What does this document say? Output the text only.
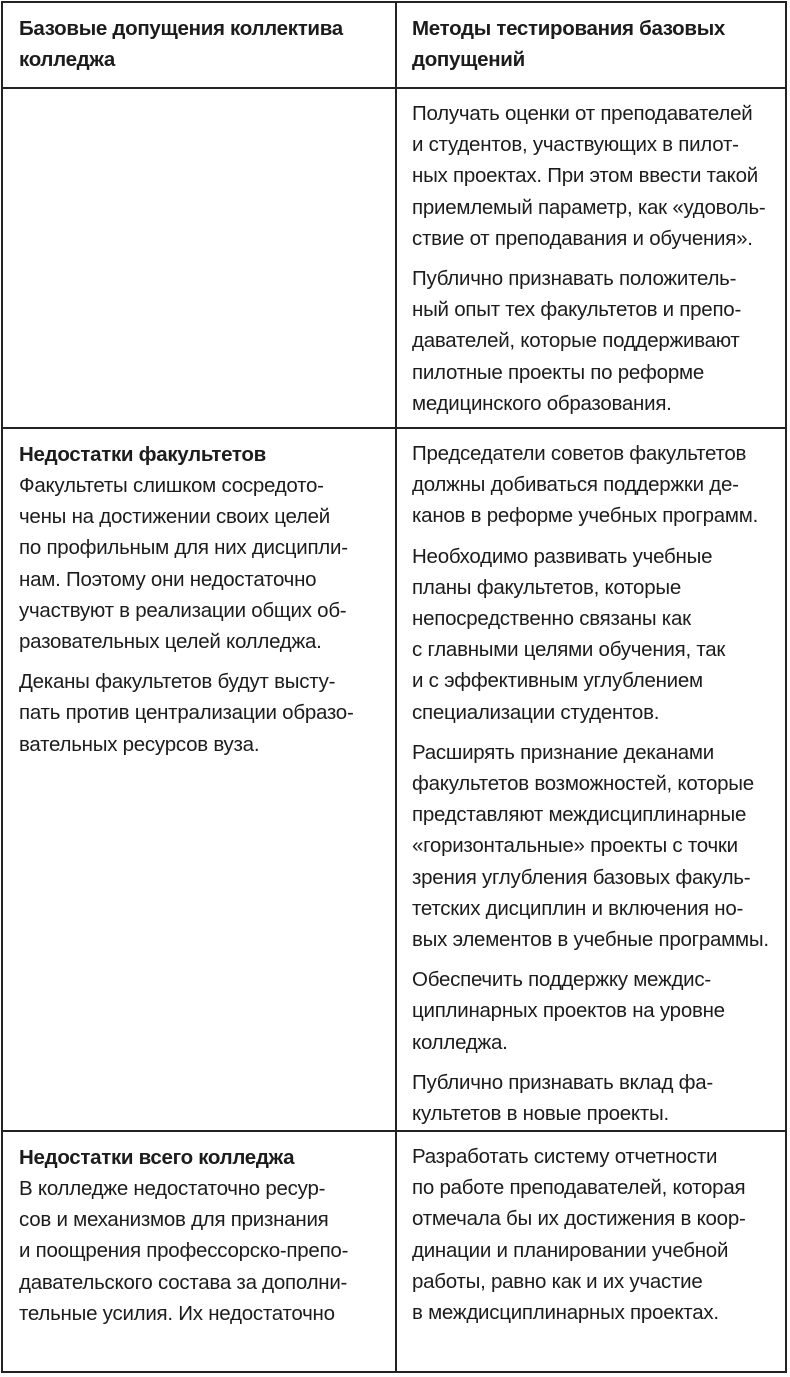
Базовые допущения коллектива
колледжа
Методы тестирования базовых
допущений

Получать оценки от преподавателей
и студентов, участвующих в пилот-
ных проектах. При этом ввести такой
приемлемый параметр, как «удоволь-
ствие от преподавания и обучения».

Публично признавать положитель-
ный опыт тех факультетов и препо-
давателей, которые поддерживают
пилотные проекты по реформе
медицинского образования.

Недостатки факультетов

Факультеты слишком сосредото-
чены на достижении своих целей
по профильным для них дисципли-
нам. Поэтому они недостаточно
участвуют в реализации общих об-
разовательных целей колледжа.

Деканы факультетов будут высту-
пать против централизации образо-
вательных ресурсов вуза.

Председатели советов факультетов
должны добиваться поддержки де-
канов в реформе учебных программ.

Необходимо развивать учебные
планы факультетов, которые
непосредственно связаны как
с главными целями обучения, так
и с эффективным углублением
специализации студентов.

Расширять признание деканами
факультетов возможностей, которые
представляют междисциплинарные
«горизонтальные» проекты с точки
зрения углубления базовых факуль-
тетских дисциплин и включения но-
вых элементов в учебные программы.

Обеспечить поддержку междис-
циплинарных проектов на уровне
колледжа.

Публично признавать вклад фа-
культетов в новые проекты.

Недостатки всего колледжа

В колледже недостаточно ресур-
сов и механизмов для признания
и поощрения профессорско-препо-
давательского состава за дополни-
тельные усилия. Их недостаточно

Разработать систему отчетности
по работе преподавателей, которая
отмечала бы их достижения в коор-
динации и планировании учебной
работы, равно как и их участие
в междисциплинарных проектах.
